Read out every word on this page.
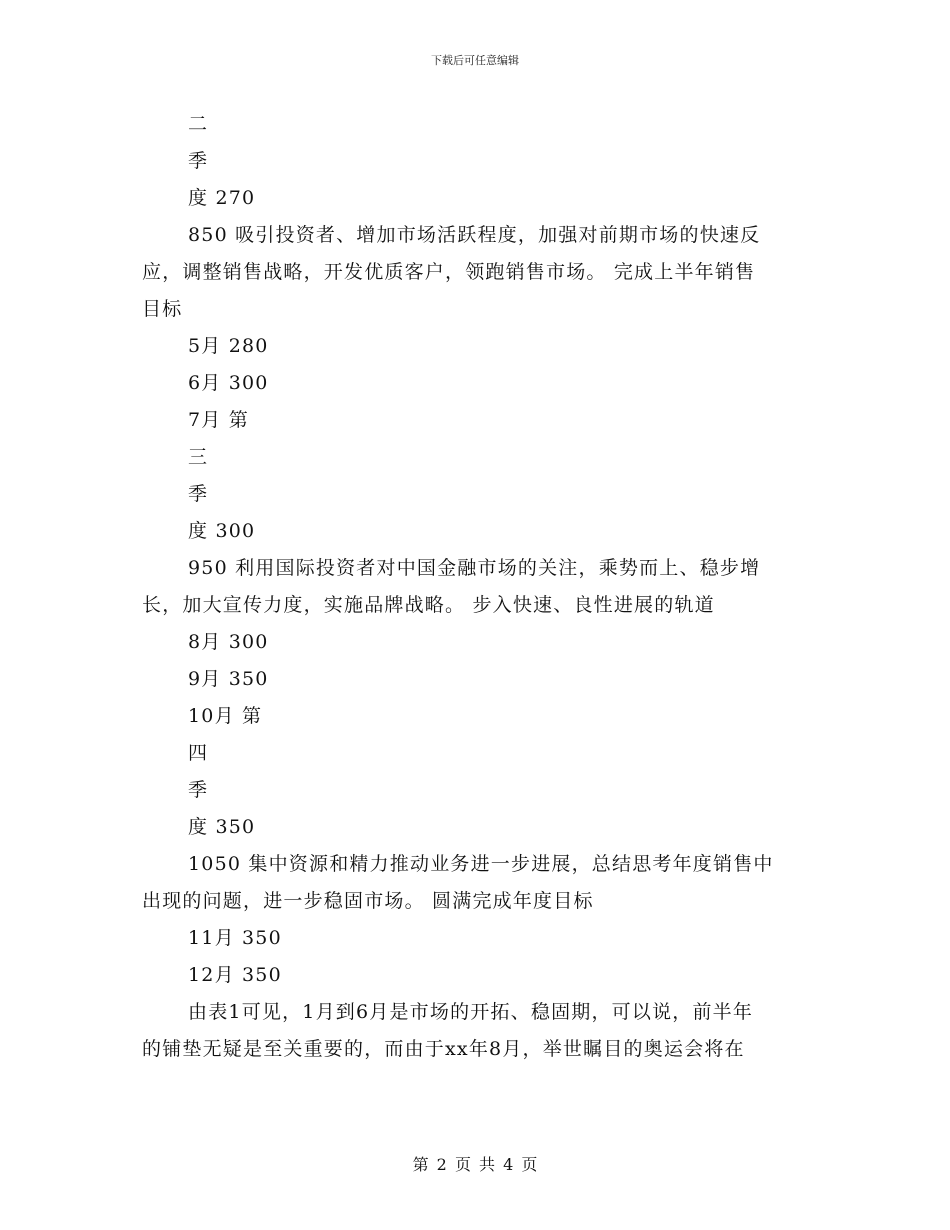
下载后可任意编辑
二
季
度 270
850 吸引投资者、增加市场活跃程度，加强对前期市场的快速反
应，调整销售战略，开发优质客户，领跑销售市场。 完成上半年销售
目标
5月 280
6月 300
7月 第
三
季
度 300
950 利用国际投资者对中国金融市场的关注，乘势而上、稳步增
长，加大宣传力度，实施品牌战略。 步入快速、良性进展的轨道
8月 300
9月 350
10月 第
四
季
度 350
1050 集中资源和精力推动业务进一步进展，总结思考年度销售中
出现的问题，进一步稳固市场。 圆满完成年度目标
11月 350
12月 350
由表1可见，1月到6月是市场的开拓、稳固期，可以说，前半年
的铺垫无疑是至关重要的，而由于xx年8月，举世瞩目的奥运会将在
第 2 页 共 4 页
